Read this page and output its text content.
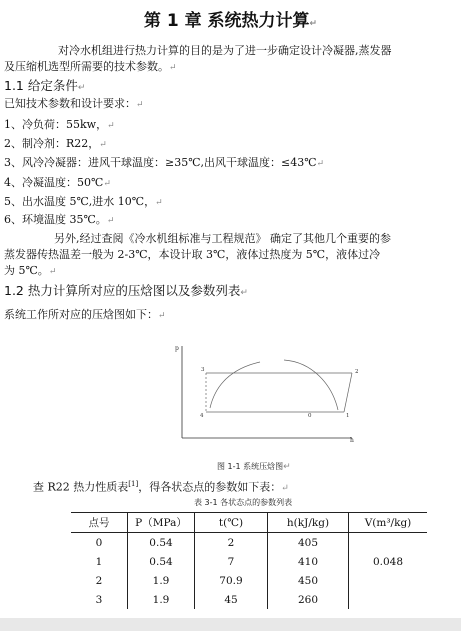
第 1 章 系统热力计算↵
对冷水机组进行热力计算的目的是为了进一步确定设计冷凝器,蒸发器
及压缩机选型所需要的技术参数。↵
1.1 给定条件↵
已知技术参数和设计要求：↵
1、冷负荷：55kw，↵
2、制冷剂：R22，↵
3、风冷冷凝器：进风干球温度：≥35℃,出风干球温度：≤43℃↵
4、冷凝温度：50℃↵
5、出水温度 5℃,进水 10℃，↵
6、环境温度 35℃。↵
另外,经过查阅《冷水机组标准与工程规范》 确定了其他几个重要的参
蒸发器传热温差一般为 2-3℃，本设计取 3℃，液体过热度为 5℃，液体过冷
为 5℃。↵
1.2 热力计算所对应的压焓图以及参数列表↵
系统工作所对应的压焓图如下：↵
p
h
3	2
4	0	1
图 1-1 系统压焓图↵
查 R22 热力性质表[1]，得各状态点的参数如下表：↵
表 3-1 各状态点的参数列表
点号	P（MPa）	t(℃)	h(kJ/kg)	V(m³/kg)
0	0.54	2	405	
1	0.54	7	410	0.048
2	1.9	70.9	450	
3	1.9	45	260	
